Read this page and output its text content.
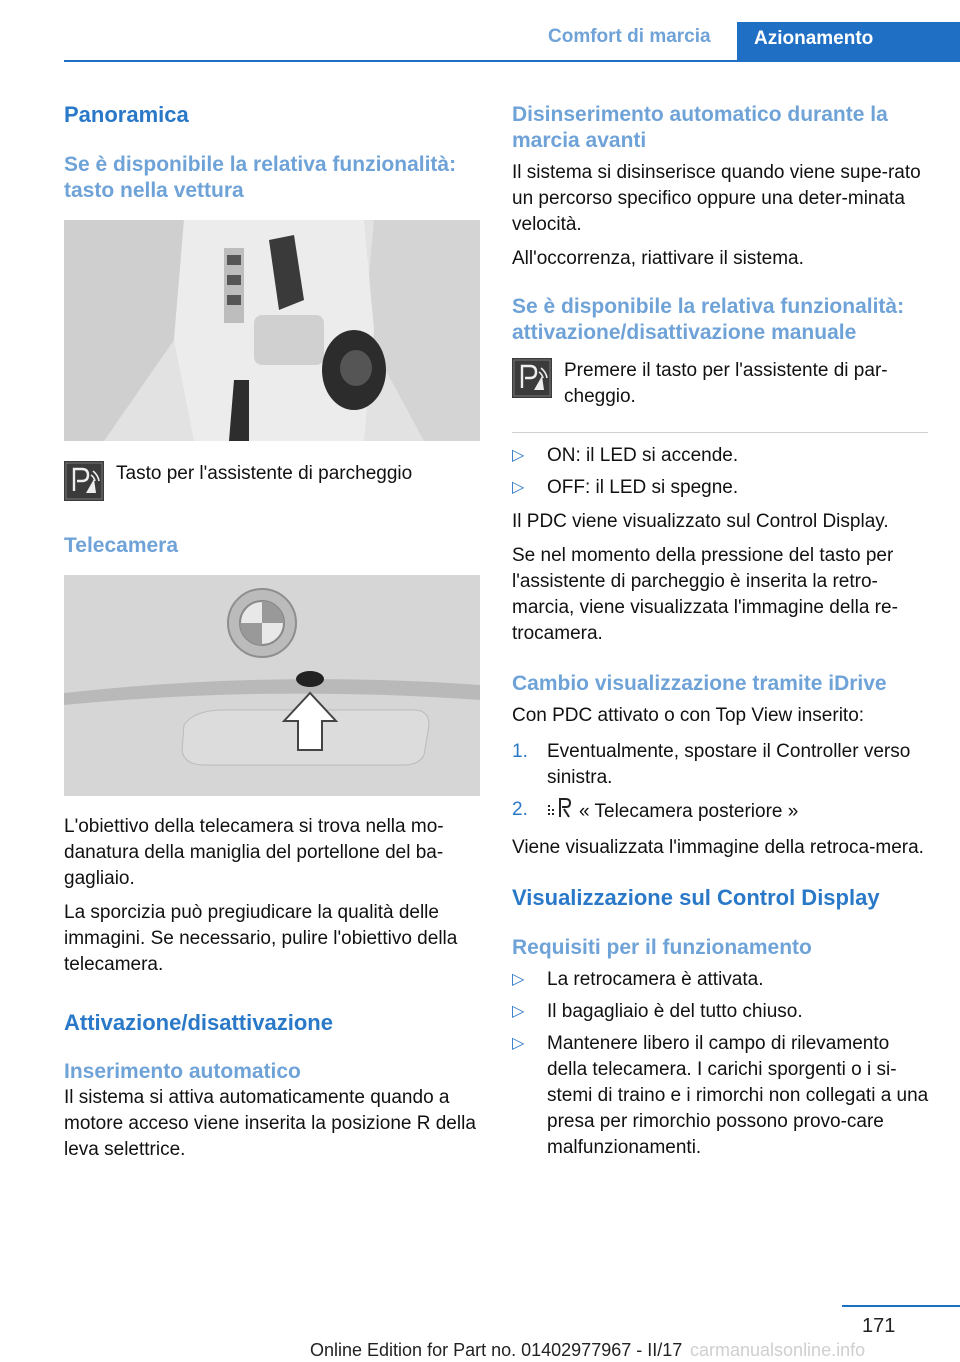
Comfort di marcia	Azionamento
Panoramica
Se è disponibile la relativa funzionalità: tasto nella vettura
Tasto per l'assistente di parcheggio
Telecamera
L'obiettivo della telecamera si trova nella mo‐danatura della maniglia del portellone del ba‐gagliaio.
La sporcizia può pregiudicare la qualità delle immagini. Se necessario, pulire l'obiettivo della telecamera.
Attivazione/disattivazione
Inserimento automatico
Il sistema si attiva automaticamente quando a motore acceso viene inserita la posizione R della leva selettrice.
Disinserimento automatico durante la marcia avanti
Il sistema si disinserisce quando viene supe‐rato un percorso specifico oppure una deter‐minata velocità.
All'occorrenza, riattivare il sistema.
Se è disponibile la relativa funzionalità: attivazione/disattivazione manuale
Premere il tasto per l'assistente di par‐cheggio.
▷ ON: il LED si accende.
▷ OFF: il LED si spegne.
Il PDC viene visualizzato sul Control Display.
Se nel momento della pressione del tasto per l'assistente di parcheggio è inserita la retro‐marcia, viene visualizzata l'immagine della re‐trocamera.
Cambio visualizzazione tramite iDrive
Con PDC attivato o con Top View inserito:
1. Eventualmente, spostare il Controller verso sinistra.
2.	« Telecamera posteriore »
Viene visualizzata l'immagine della retroca‐mera.
Visualizzazione sul Control Display
Requisiti per il funzionamento
▷ La retrocamera è attivata.
▷ Il bagagliaio è del tutto chiuso.
▷ Mantenere libero il campo di rilevamento della telecamera. I carichi sporgenti o i si‐stemi di traino e i rimorchi non collegati a una presa per rimorchio possono provo‐care malfunzionamenti.
171
Online Edition for Part no. 01402977967 - II/17 carmanualsonline.info
